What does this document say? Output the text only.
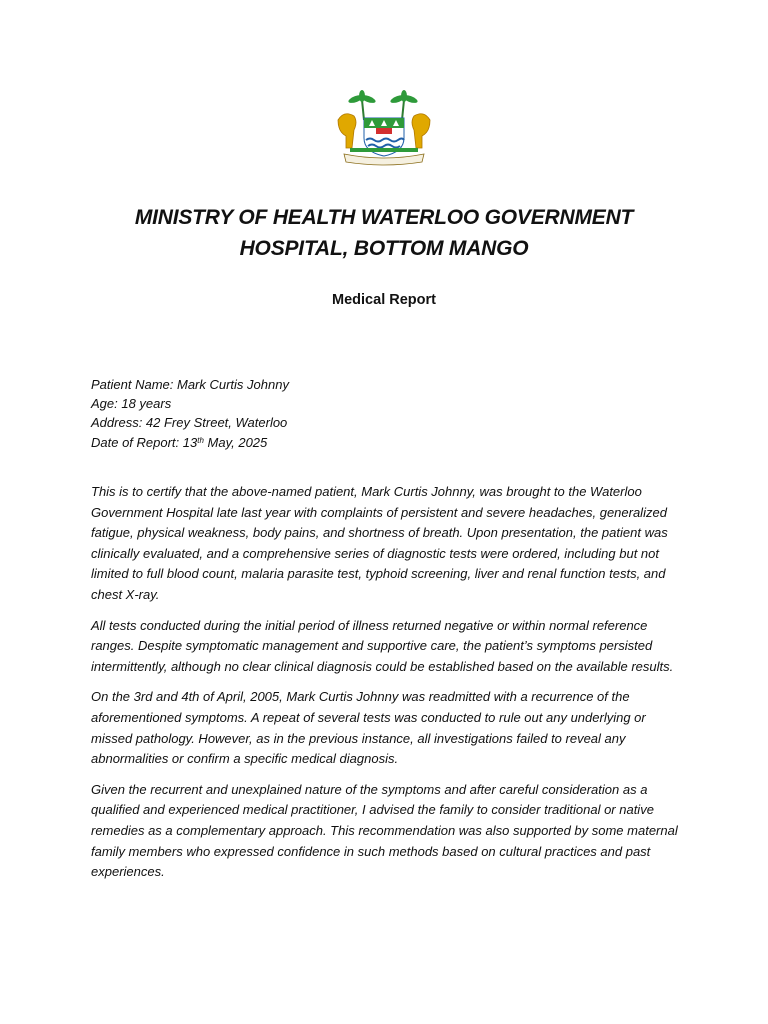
MINISTRY OF HEALTH WATERLOO GOVERNMENT
HOSPITAL, BOTTOM MANGO
Medical Report
Patient Name: Mark Curtis Johnny
Age: 18 years
Address: 42 Frey Street, Waterloo
Date of Report: 13th May, 2025

This is to certify that the above-named patient, Mark Curtis Johnny, was brought to the Waterloo Government Hospital late last year with complaints of persistent and severe headaches, generalized fatigue, physical weakness, body pains, and shortness of breath. Upon presentation, the patient was clinically evaluated, and a comprehensive series of diagnostic tests were ordered, including but not limited to full blood count, malaria parasite test, typhoid screening, liver and renal function tests, and chest X-ray.

All tests conducted during the initial period of illness returned negative or within normal reference ranges. Despite symptomatic management and supportive care, the patient’s symptoms persisted intermittently, although no clear clinical diagnosis could be established based on the available results.

On the 3rd and 4th of April, 2005, Mark Curtis Johnny was readmitted with a recurrence of the aforementioned symptoms. A repeat of several tests was conducted to rule out any underlying or missed pathology. However, as in the previous instance, all investigations failed to reveal any abnormalities or confirm a specific medical diagnosis.

Given the recurrent and unexplained nature of the symptoms and after careful consideration as a qualified and experienced medical practitioner, I advised the family to consider traditional or native remedies as a complementary approach. This recommendation was also supported by some maternal family members who expressed confidence in such methods based on cultural practices and past experiences.
